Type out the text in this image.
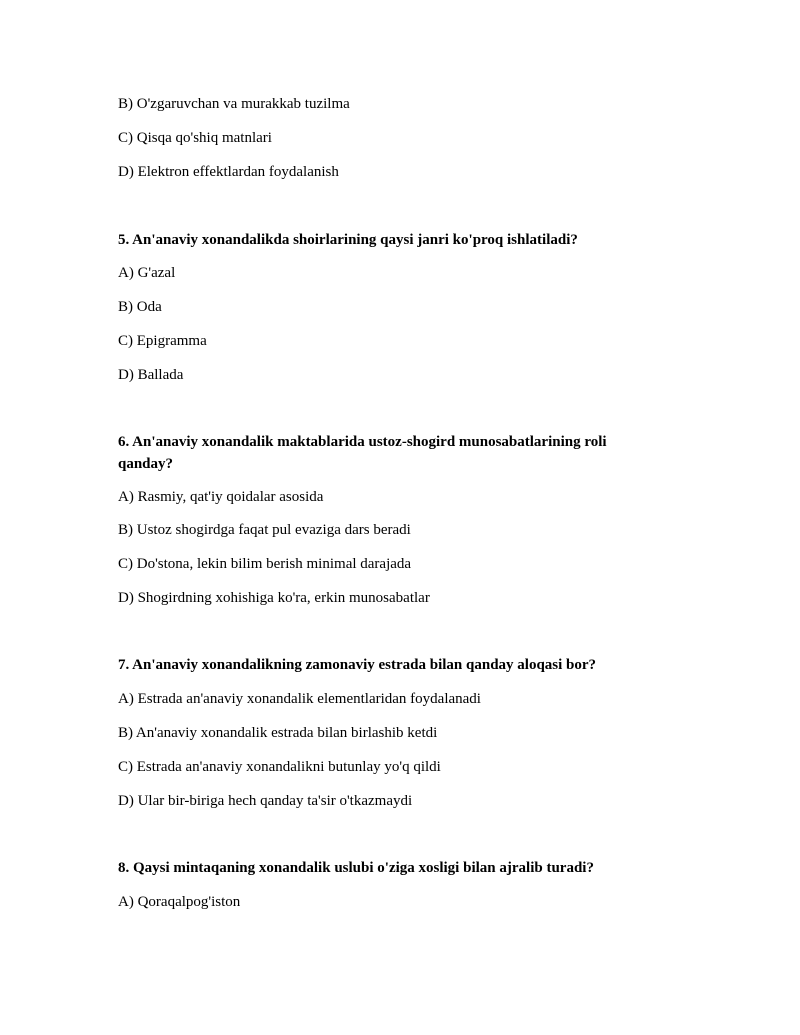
B) O'zgaruvchan va murakkab tuzilma
C) Qisqa qo'shiq matnlari
D) Elektron effektlardan foydalanish
5. An'anaviy xonandalikda shoirlarining qaysi janri ko'proq ishlatiladi?
A) G'azal
B) Oda
C) Epigramma
D) Ballada
6. An'anaviy xonandalik maktablarida ustoz-shogird munosabatlarining roli qanday?
A) Rasmiy, qat'iy qoidalar asosida
B) Ustoz shogirdga faqat pul evaziga dars beradi
C) Do'stona, lekin bilim berish minimal darajada
D) Shogirdning xohishiga ko'ra, erkin munosabatlar
7. An'anaviy xonandalikning zamonaviy estrada bilan qanday aloqasi bor?
A) Estrada an'anaviy xonandalik elementlaridan foydalanadi
B) An'anaviy xonandalik estrada bilan birlashib ketdi
C) Estrada an'anaviy xonandalikni butunlay yo'q qildi
D) Ular bir-biriga hech qanday ta'sir o'tkazmaydi
8. Qaysi mintaqaning xonandalik uslubi o'ziga xosligi bilan ajralib turadi?
A) Qoraqalpog'iston
